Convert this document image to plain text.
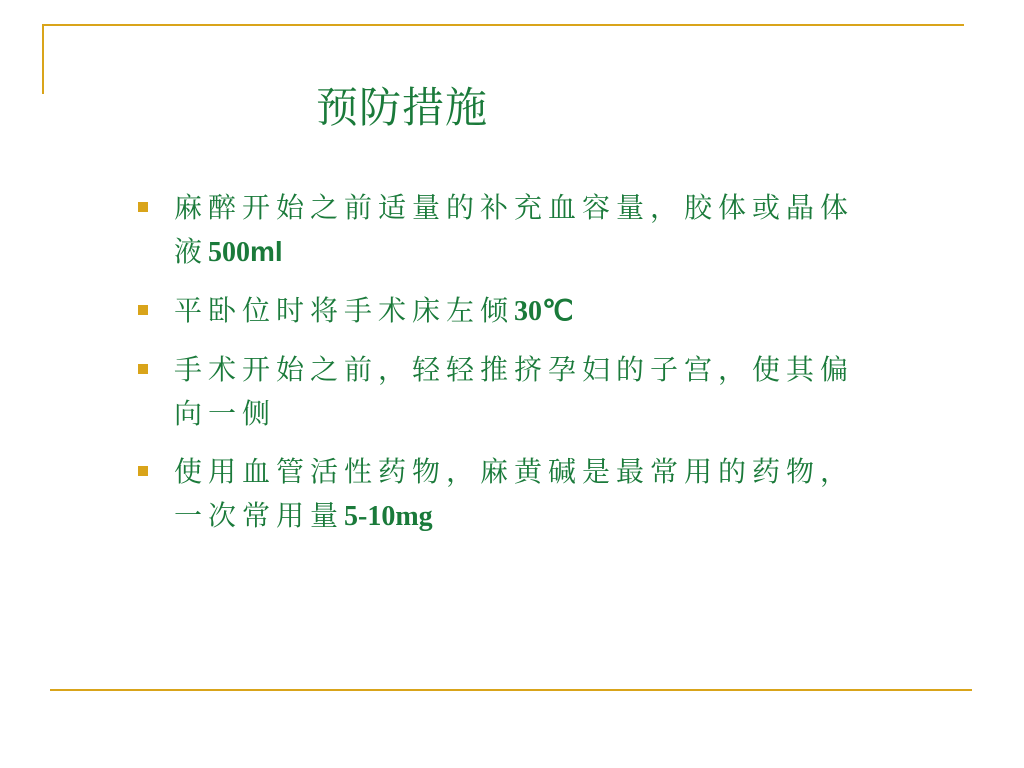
预防措施
麻醉开始之前适量的补充血容量，胶体或晶体液500ml
平卧位时将手术床左倾30℃
手术开始之前，轻轻推挤孕妇的子宫，使其偏向一侧
使用血管活性药物，麻黄碱是最常用的药物，一次常用量5-10mg
